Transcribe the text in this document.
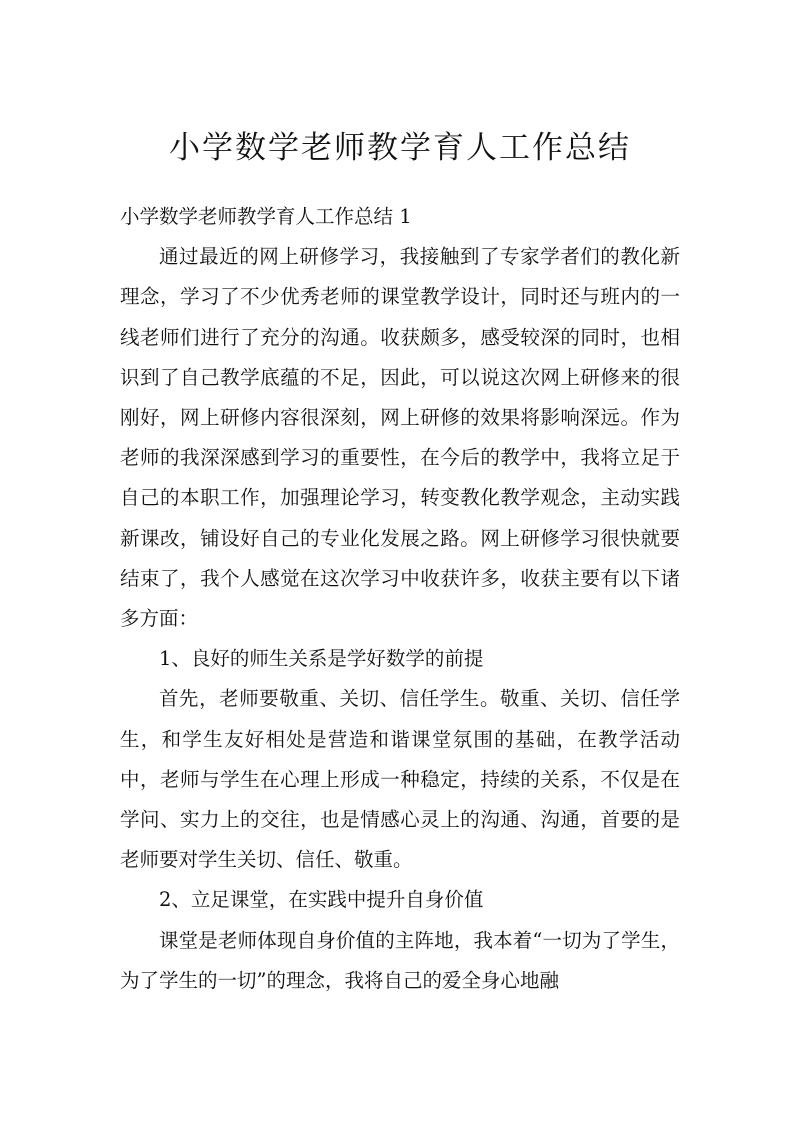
小学数学老师教学育人工作总结

小学数学老师教学育人工作总结 1

通过最近的网上研修学习，我接触到了专家学者们的教化新理念，学习了不少优秀老师的课堂教学设计，同时还与班内的一线老师们进行了充分的沟通。收获颇多，感受较深的同时，也相识到了自己教学底蕴的不足，因此，可以说这次网上研修来的很刚好，网上研修内容很深刻，网上研修的效果将影响深远。作为老师的我深深感到学习的重要性，在今后的教学中，我将立足于自己的本职工作，加强理论学习，转变教化教学观念，主动实践新课改，铺设好自己的专业化发展之路。网上研修学习很快就要结束了，我个人感觉在这次学习中收获许多，收获主要有以下诸多方面：

1、良好的师生关系是学好数学的前提

首先，老师要敬重、关切、信任学生。敬重、关切、信任学生，和学生友好相处是营造和谐课堂氛围的基础，在教学活动中，老师与学生在心理上形成一种稳定，持续的关系，不仅是在学问、实力上的交往，也是情感心灵上的沟通、沟通，首要的是老师要对学生关切、信任、敬重。

2、立足课堂，在实践中提升自身价值

课堂是老师体现自身价值的主阵地，我本着“一切为了学生，为了学生的一切”的理念，我将自己的爱全身心地融
